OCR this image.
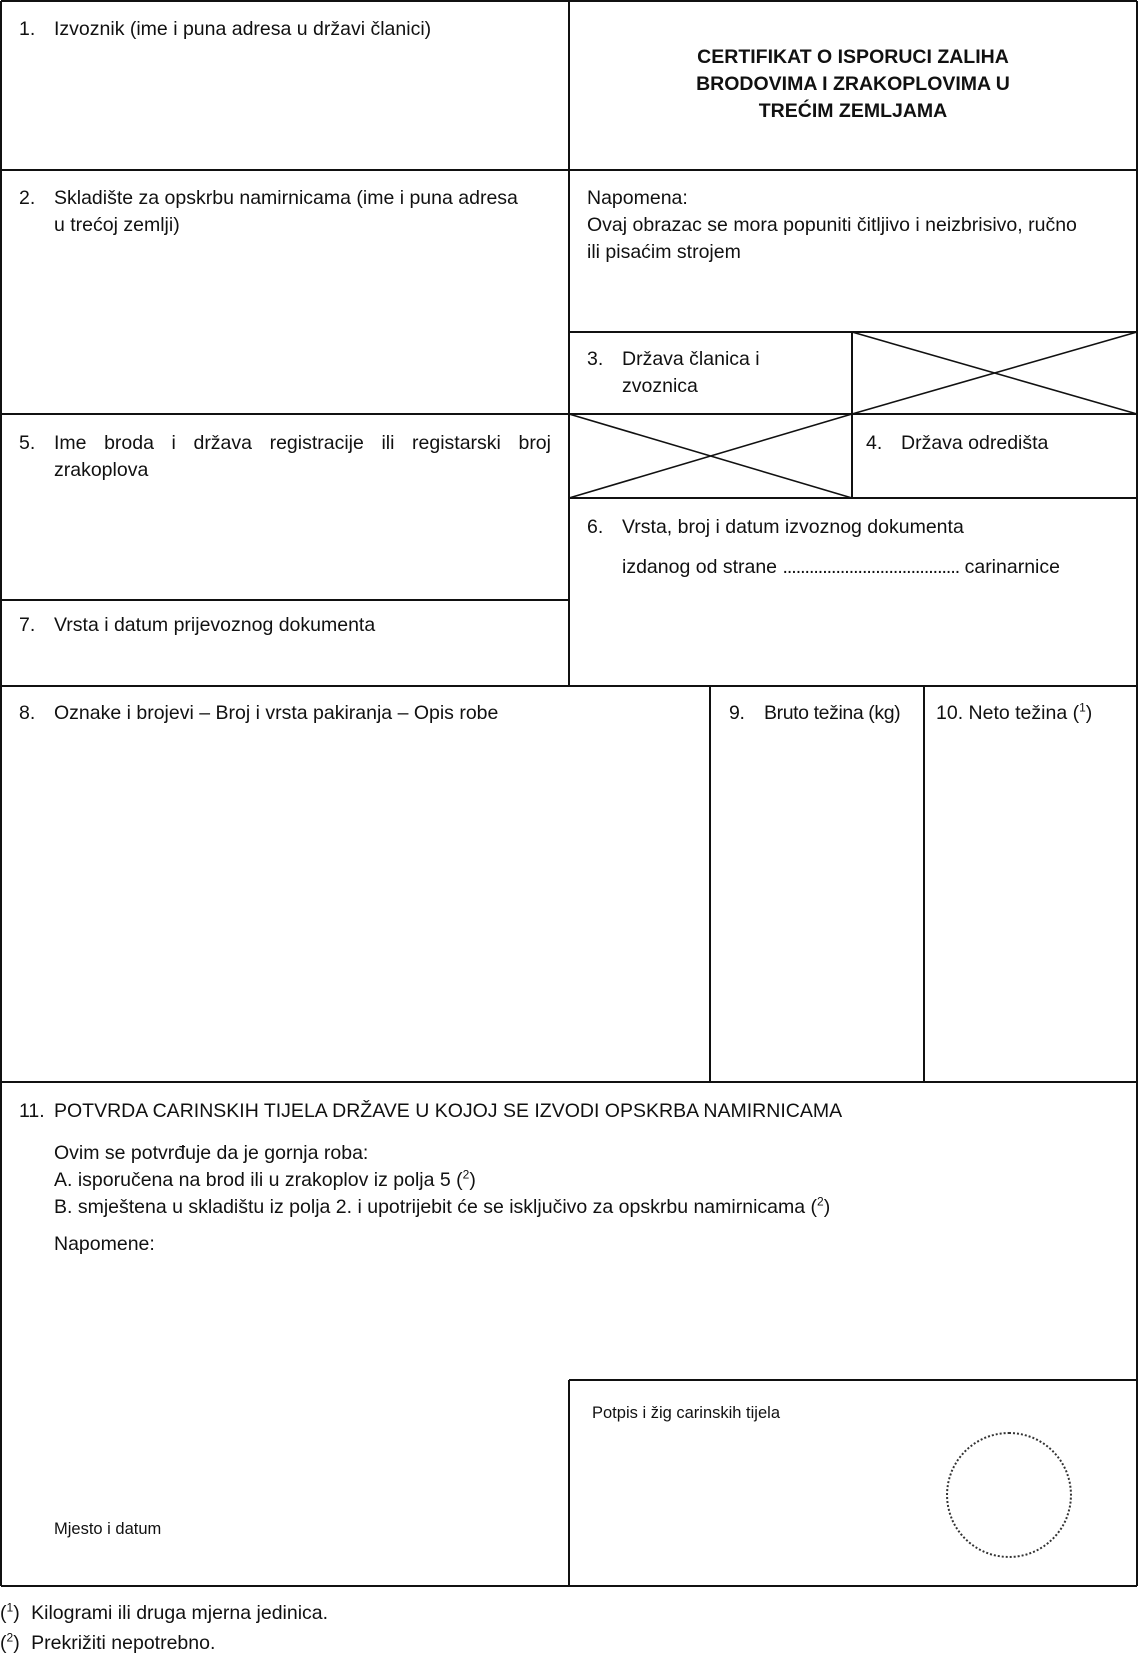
CERTIFIKAT O ISPORUCI ZALIHA
BRODOVIMA I ZRAKOPLOVIMA U
TREĆIM ZEMLJAMA
1. Izvoznik (ime i puna adresa u državi članici)
2. Skladište za opskrbu namirnicama (ime i puna adresa
u trećoj zemlji)
Napomena:
Ovaj obrazac se mora popuniti čitljivo i neizbrisivo, ručno
ili pisaćim strojem
3. Država članica i
zvoznica
4. Država odredišta
5. Ime broda i država registracije ili registarski broj
zrakoplova
6. Vrsta, broj i datum izvoznog dokumenta
izdanog od strane ........................................ carinarnice
7. Vrsta i datum prijevoznog dokumenta
8. Oznake i brojevi – Broj i vrsta pakiranja – Opis robe	9. Bruto težina (kg) 10. Neto težina ($^1$)
11. POTVRDA CARINSKIH TIJELA DRŽAVE U KOJOJ SE IZVODI OPSKRBA NAMIRNICAMA
Ovim se potvrđuje da je gornja roba:
A. isporučena na brod ili u zrakoplov iz polja 5 ($^2$)
B. smještena u skladištu iz polja 2. i upotrijebit će se isključivo za opskrbu namirnicama ($^2$)
Napomene:
Mjesto i datum
Potpis i žig carinskih tijela
($^1$) Kilogrami ili druga mjerna jedinica.
($^2$) Prekrižiti nepotrebno.
